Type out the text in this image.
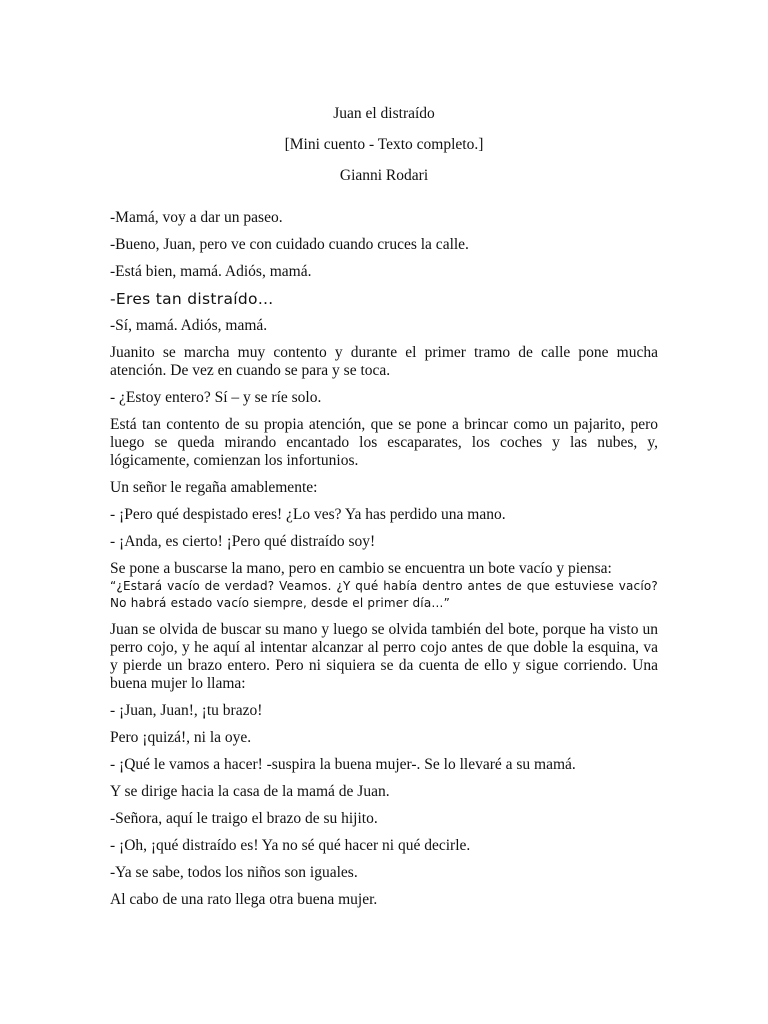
Juan el distraído

[Mini cuento - Texto completo.]

Gianni Rodari

-Mamá, voy a dar un paseo.

-Bueno, Juan, pero ve con cuidado cuando cruces la calle.

-Está bien, mamá. Adiós, mamá.

-Eres tan distraído…

-Sí, mamá. Adiós, mamá.

Juanito se marcha muy contento y durante el primer tramo de calle pone mucha atención. De vez en cuando se para y se toca.

- ¿Estoy entero? Sí – y se ríe solo.

Está tan contento de su propia atención, que se pone a brincar como un pajarito, pero luego se queda mirando encantado los escaparates, los coches y las nubes, y, lógicamente, comienzan los infortunios.

Un señor le regaña amablemente:

- ¡Pero qué despistado eres! ¿Lo ves? Ya has perdido una mano.

- ¡Anda, es cierto! ¡Pero qué distraído soy!

Se pone a buscarse la mano, pero en cambio se encuentra un bote vacío y piensa:
“¿Estará vacío de verdad? Veamos. ¿Y qué había dentro antes de que estuviese vacío? No habrá estado vacío siempre, desde el primer día…”

Juan se olvida de buscar su mano y luego se olvida también del bote, porque ha visto un perro cojo, y he aquí al intentar alcanzar al perro cojo antes de que doble la esquina, va y pierde un brazo entero. Pero ni siquiera se da cuenta de ello y sigue corriendo. Una buena mujer lo llama:

- ¡Juan, Juan!, ¡tu brazo!

Pero ¡quizá!, ni la oye.

- ¡Qué le vamos a hacer! -suspira la buena mujer-. Se lo llevaré a su mamá.

Y se dirige hacia la casa de la mamá de Juan.

-Señora, aquí le traigo el brazo de su hijito.

- ¡Oh, ¡qué distraído es! Ya no sé qué hacer ni qué decirle.

-Ya se sabe, todos los niños son iguales.

Al cabo de una rato llega otra buena mujer.
